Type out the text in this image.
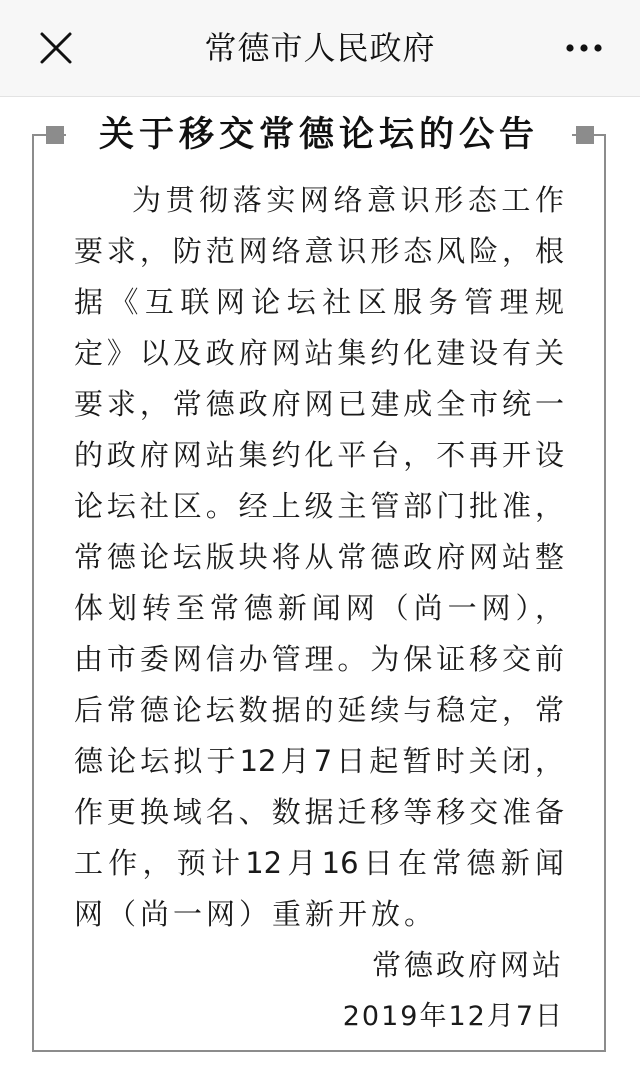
常德市人民政府
关于移交常德论坛的公告
为贯彻落实网络意识形态工作
要求，防范网络意识形态风险，根
据《互联网论坛社区服务管理规
定》以及政府网站集约化建设有关
要求，常德政府网已建成全市统一
的政府网站集约化平台，不再开设
论坛社区。经上级主管部门批准，
常德论坛版块将从常德政府网站整
体划转至常德新闻网（尚一网），
由市委网信办管理。为保证移交前
后常德论坛数据的延续与稳定，常
德论坛拟于12月7日起暂时关闭，
作更换域名、数据迁移等移交准备
工作，预计12月16日在常德新闻
网（尚一网）重新开放。
常德政府网站
2019年12月7日
